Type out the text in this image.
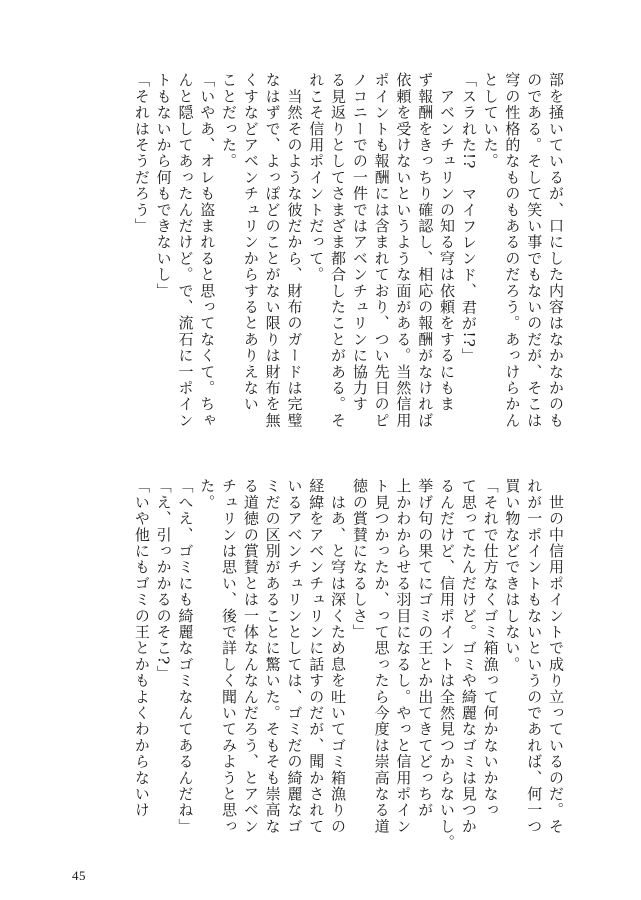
部を掻いているが、口にした内容はなかなかのも
のである。そして笑い事でもないのだが、そこは
穹の性格的なものもあるのだろう。あっけらかん
としていた。
「スラれた!?　マイフレンド、君が!?」
　アベンチュリンの知る穹は依頼をするにもま
ず報酬をきっちり確認し、相応の報酬がなければ
依頼を受けないというような面がある。当然信用
ポイントも報酬には含まれており、つい先日のピ
ノコニーでの一件ではアベンチュリンに協力す
る見返りとしてさまざま都合したことがある。そ
れこそ信用ポイントだって。
　当然そのような彼だから、財布のガードは完璧
なはずで、よっぽどのことがない限りは財布を無
くすなどアベンチュリンからするとありえない
ことだった。
「いやあ、オレも盗まれると思ってなくて。ちゃ
んと隠してあったんだけど。で、流石に一ポイン
トもないから何もできないし」
「それはそうだろう」
　世の中信用ポイントで成り立っているのだ。そ
れが一ポイントもないというのであれば、何一つ
買い物などできはしない。
「それで仕方なくゴミ箱漁って何かないかなっ
て思ってたんだけど。ゴミや綺麗なゴミは見つか
るんだけど、信用ポイントは全然見つからないし。
挙げ句の果てにゴミの王とか出てきてどっちが
上かわからせる羽目になるし。やっと信用ポイン
ト見つかったか、って思ったら今度は崇高なる道
徳の賞賛になるしさ」
　はあ、と穹は深くため息を吐いてゴミ箱漁りの
経緯をアベンチュリンに話すのだが、聞かされて
いるアベンチュリンとしては、ゴミだの綺麗なゴ
ミだの区別があることに驚いた。そもそも崇高な
る道徳の賞賛とは一体なんなんだろう、とアベン
チュリンは思い、後で詳しく聞いてみようと思っ
た。
「へえ、ゴミにも綺麗なゴミなんてあるんだね」
「え、引っかかるのそこ?」
「いや他にもゴミの王とかもよくわからないけ
45
